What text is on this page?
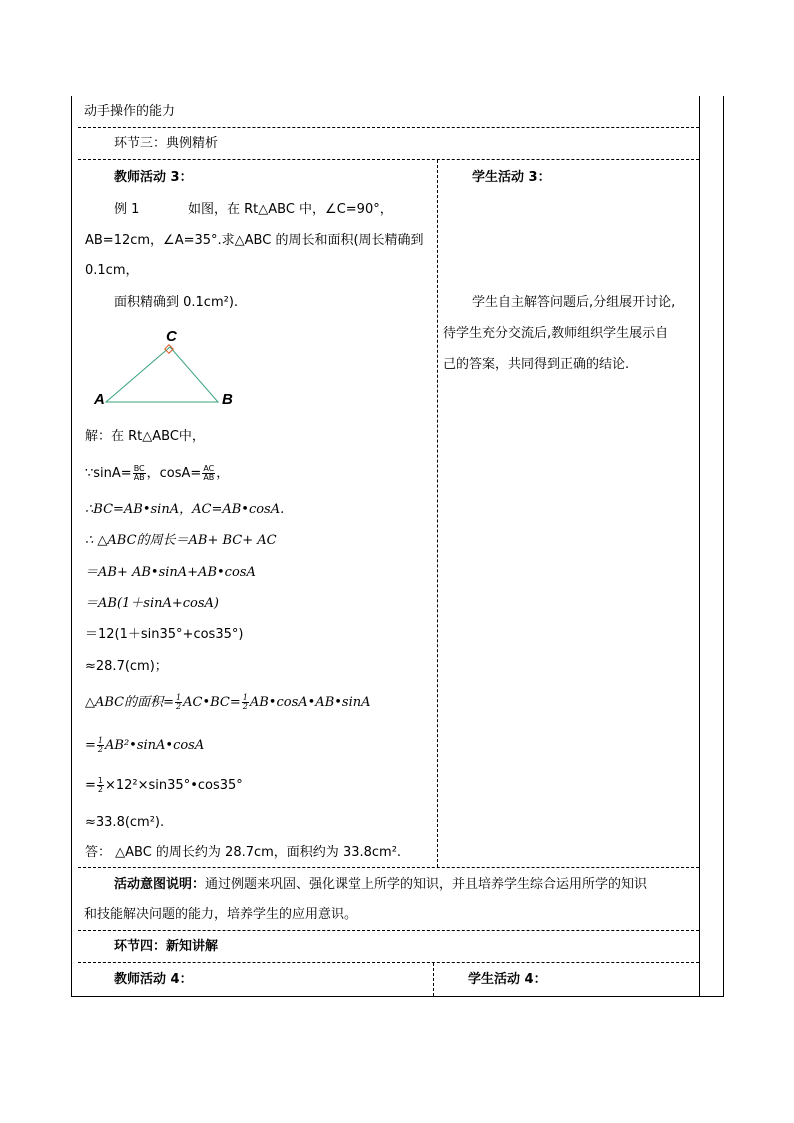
动手操作的能力
环节三：典例精析
教师活动 3：
例 1	如图，在 Rt△ABC 中，∠C=90°，
AB=12cm，∠A=35°.求△ABC 的周长和面积(周长精确到
0.1cm，
面积精确到 0.1cm²).
C
A	B
解：在 Rt△ABC中，
∵sinA= $\frac{BC}{AB}$ ，$\cos A= \frac{AC}{AB}$ ，
∴BC=AB•sinA，AC=AB•cosA.
∴ △ABC的周长＝AB+ BC+ AC
＝AB+ AB•sinA+AB•cosA
＝AB(1＋sinA+cosA)
＝12(1＋sin35°+cos35°)
≈28.7(cm)；
△ABC的面积= $\frac{1}{2}$ AC•BC= $\frac{1}{2}$ AB•cosA•AB•sinA
= $\frac{1}{2}$ AB²•sinA•cosA
= $\frac{1}{2}$ ×12²×sin35°•cos35°
≈33.8(cm²).
答： △ABC 的周长约为 28.7cm，面积约为 33.8cm².
学生活动 3：
学生自主解答问题后,分组展开讨论,
待学生充分交流后,教师组织学生展示自
己的答案，共同得到正确的结论.
活动意图说明：通过例题来巩固、强化课堂上所学的知识，并且培养学生综合运用所学的知识
和技能解决问题的能力，培养学生的应用意识。
环节四：新知讲解
教师活动 4：	学生活动 4：
